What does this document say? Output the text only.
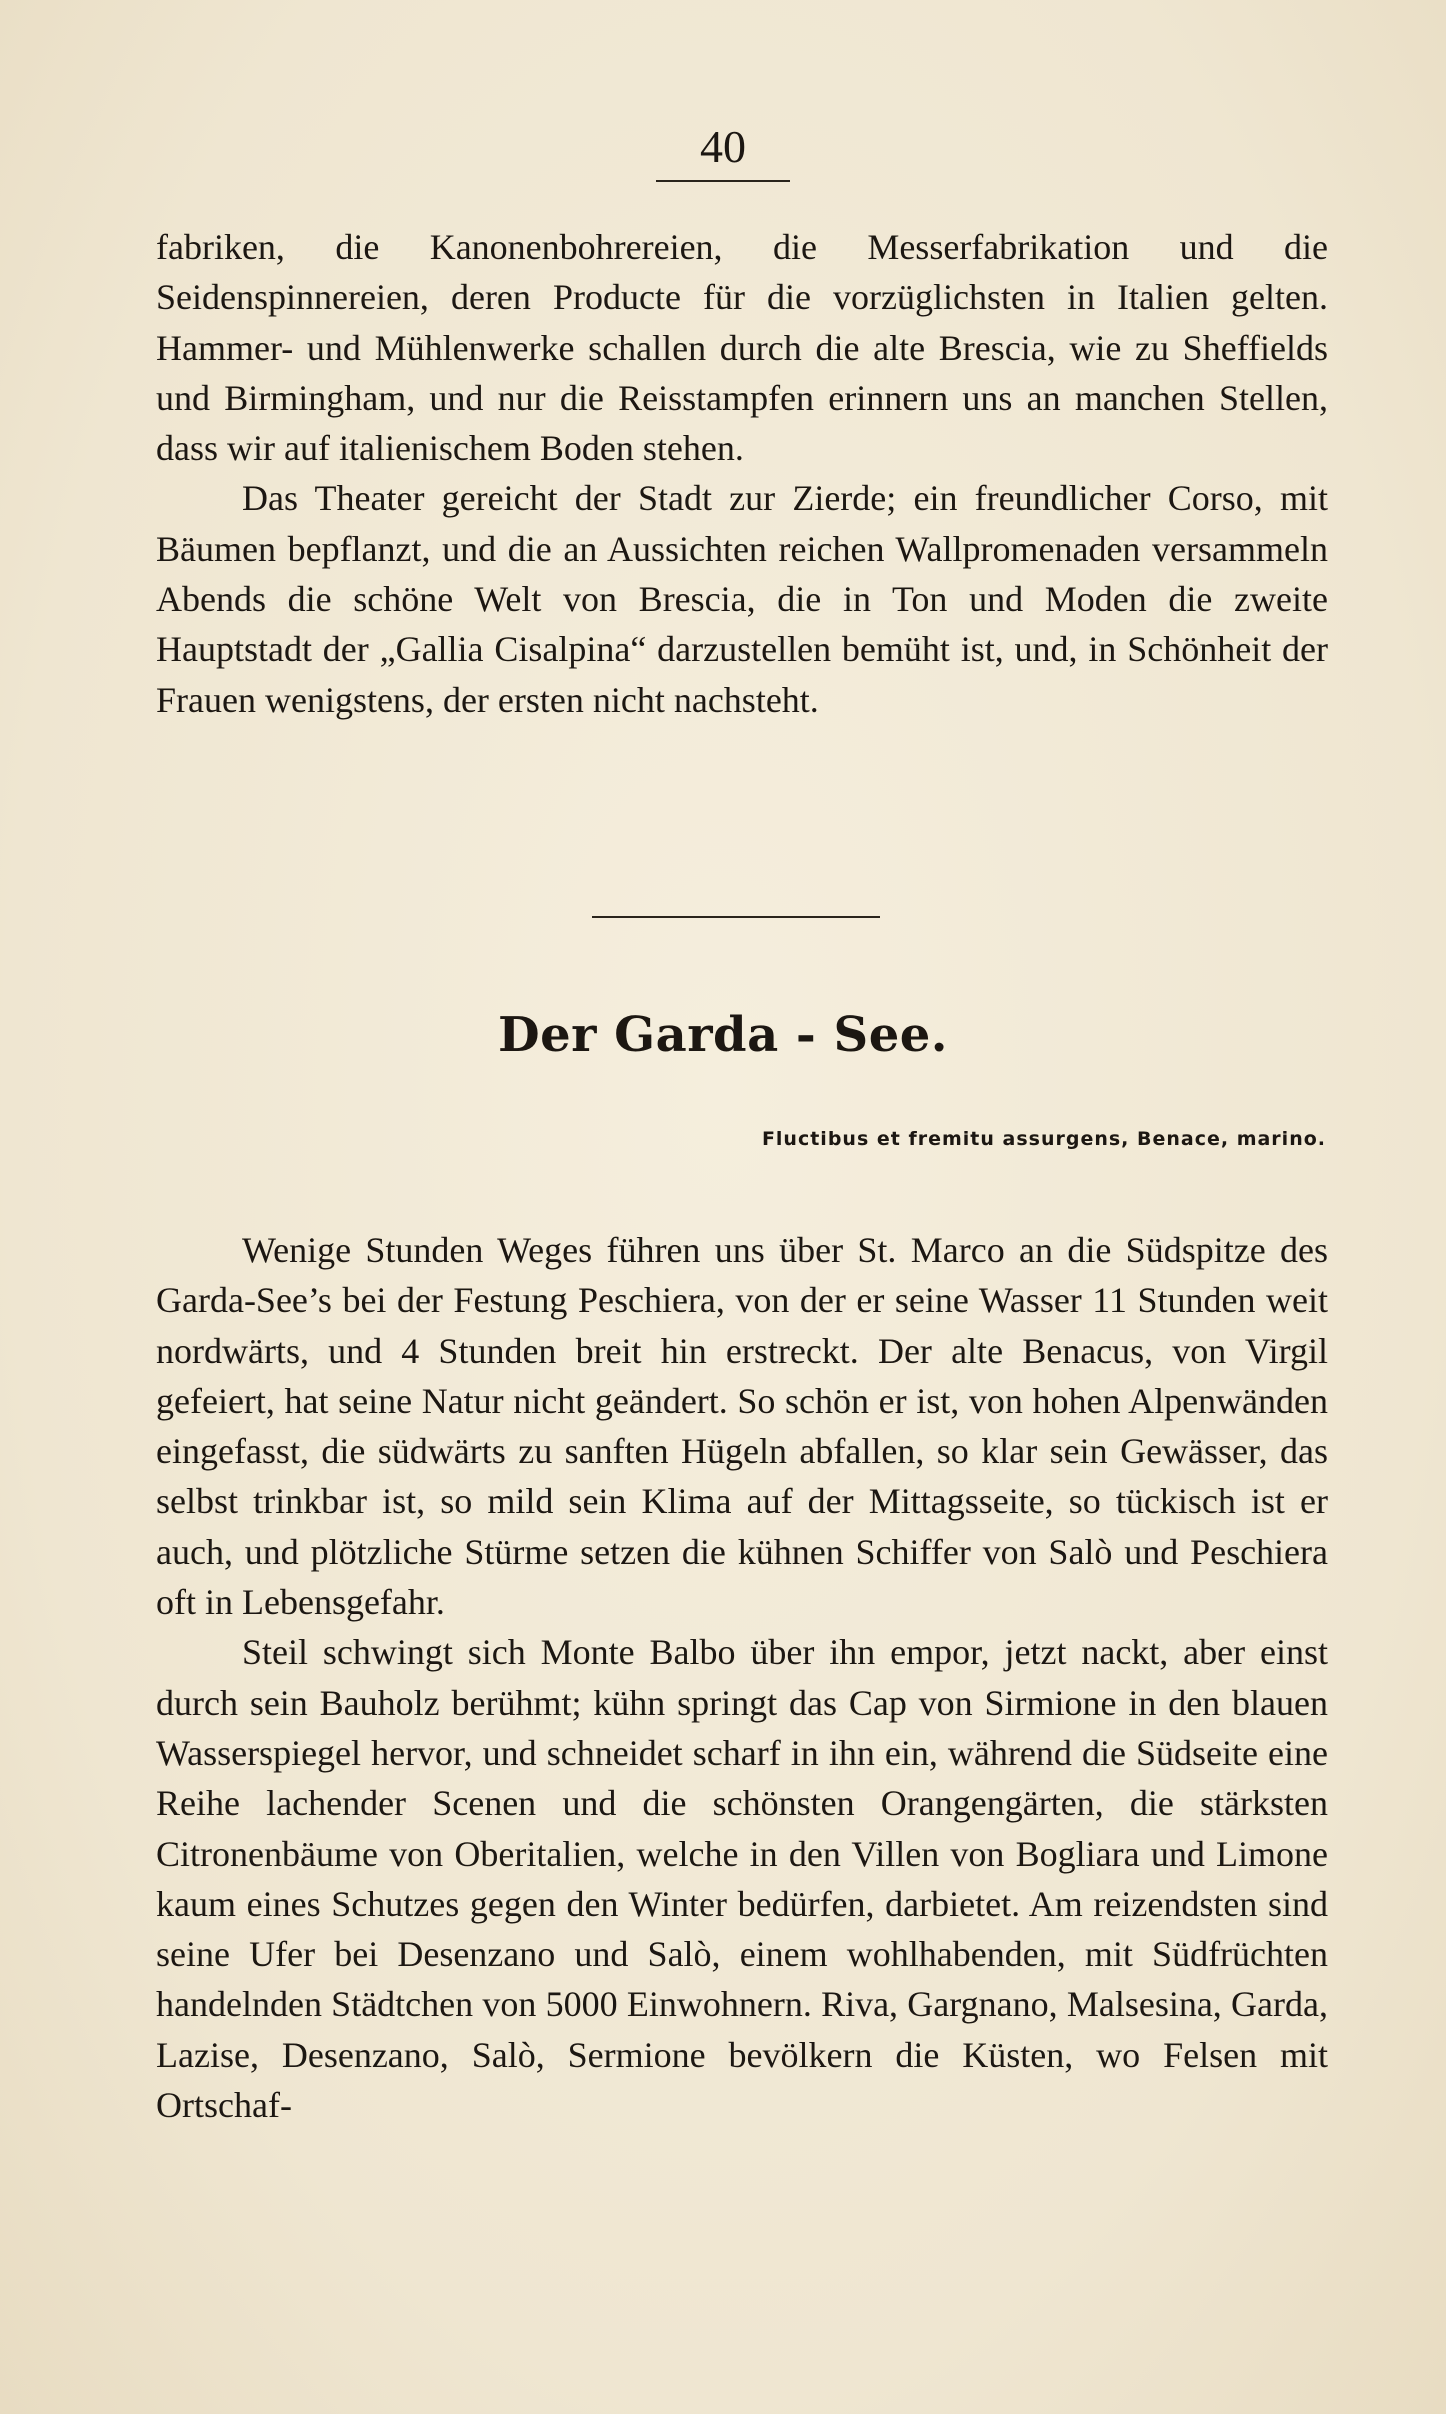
40

fabriken, die Kanonenbohrereien, die Messerfabrikation und die Seidenspinnereien, deren Producte für die vorzüglichsten in Italien gelten. Hammer- und Mühlenwerke schallen durch die alte Brescia, wie zu Sheffields und Birmingham, und nur die Reisstampfen erinnern uns an manchen Stellen, dass wir auf italienischem Boden stehen.

Das Theater gereicht der Stadt zur Zierde; ein freundlicher Corso, mit Bäumen bepflanzt, und die an Aussichten reichen Wallpromenaden versammeln Abends die schöne Welt von Brescia, die in Ton und Moden die zweite Hauptstadt der „Gallia Cisalpina“ darzustellen bemüht ist, und, in Schönheit der Frauen wenigstens, der ersten nicht nachsteht.

Der Garda - See.
Fluctibus et fremitu assurgens, Benace, marino.

Wenige Stunden Weges führen uns über St. Marco an die Südspitze des Garda-See’s bei der Festung Peschiera, von der er seine Wasser 11 Stunden weit nordwärts, und 4 Stunden breit hin erstreckt. Der alte Benacus, von Virgil gefeiert, hat seine Natur nicht geändert. So schön er ist, von hohen Alpenwänden eingefasst, die südwärts zu sanften Hügeln abfallen, so klar sein Gewässer, das selbst trinkbar ist, so mild sein Klima auf der Mittagsseite, so tückisch ist er auch, und plötzliche Stürme setzen die kühnen Schiffer von Salò und Peschiera oft in Lebensgefahr.

Steil schwingt sich Monte Balbo über ihn empor, jetzt nackt, aber einst durch sein Bauholz berühmt; kühn springt das Cap von Sirmione in den blauen Wasserspiegel hervor, und schneidet scharf in ihn ein, während die Südseite eine Reihe lachender Scenen und die schönsten Orangengärten, die stärksten Citronenbäume von Oberitalien, welche in den Villen von Bogliara und Limone kaum eines Schutzes gegen den Winter bedürfen, darbietet. Am reizendsten sind seine Ufer bei Desenzano und Salò, einem wohlhabenden, mit Südfrüchten handelnden Städtchen von 5000 Einwohnern. Riva, Gargnano, Malsesina, Garda, Lazise, Desenzano, Salò, Sermione bevölkern die Küsten, wo Felsen mit Ortschaf-
